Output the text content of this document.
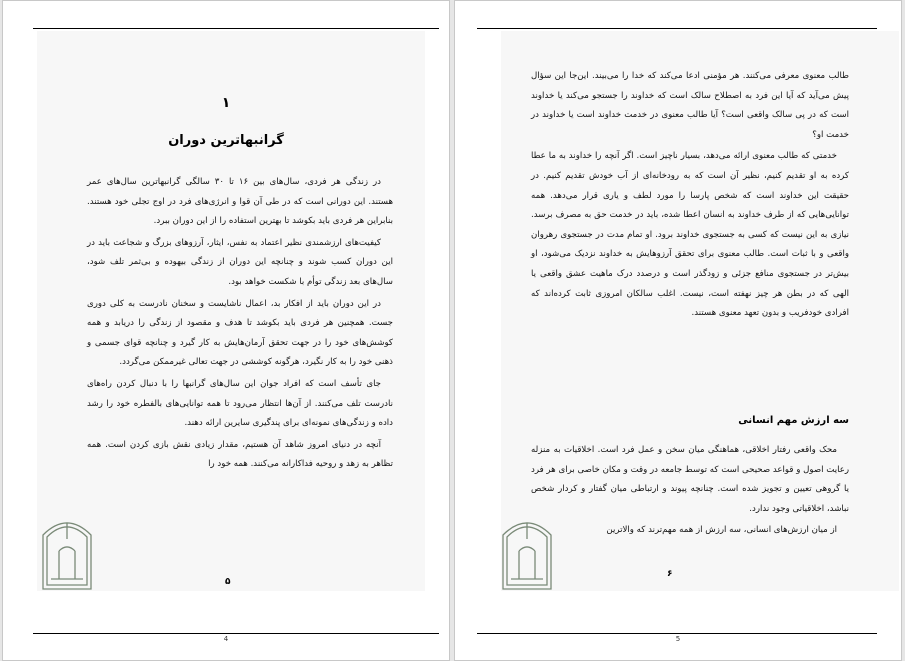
۱
گرانبهاترین دوران

در زندگی هر فردی، سال‌های بین ۱۶ تا ۳۰ سالگی گرانبهاترین سال‌های عمر هستند. این دورانی است که در طی آن قوا و انرژی‌های فرد در اوج تجلی خود هستند. بنابراین هر فردی باید بکوشد تا بهترین استفاده را از این دوران ببرد.

کیفیت‌های ارزشمندی نظیر اعتماد به نفس، ایثار، آرزوهای بزرگ و شجاعت باید در این دوران کسب شوند و چنانچه این دوران از زندگی بیهوده و بی‌ثمر تلف شود، سال‌های بعد زندگی توأم با شکست خواهد بود.

در این دوران باید از افکار بد، اعمال ناشایست و سخنان نادرست به کلی دوری جست. همچنین هر فردی باید بکوشد تا هدف و مقصود از زندگی را دریابد و همه کوشش‌های خود را در جهت تحقق آرمان‌هایش به کار گیرد و چنانچه قوای جسمی و ذهنی خود را به کار نگیرد، هرگونه کوششی در جهت تعالی غیرممکن می‌گردد.

جای تأسف است که افراد جوان این سال‌های گرانبها را با دنبال کردن راه‌های نادرست تلف می‌کنند. از آن‌ها انتظار می‌رود تا همه توانایی‌های بالفطره خود را رشد داده و زندگی‌های نمونه‌ای برای پندگیری سایرین ارائه دهند.

آنچه در دنیای امروز شاهد آن هستیم، مقدار زیادی نقش بازی کردن است. همه تظاهر به زهد و روحیه فداکارانه می‌کنند. همه خود را

۵
4

طالب معنوی معرفی می‌کنند. هر مؤمنی ادعا می‌کند که خدا را می‌بیند. این‌جا این سؤال پیش می‌آید که آیا این فرد به اصطلاح سالک است که خداوند را جستجو می‌کند یا خداوند است که در پی سالک واقعی است؟ آیا طالب معنوی در خدمت خداوند است یا خداوند در خدمت او؟

خدمتی که طالب معنوی ارائه می‌دهد، بسیار ناچیز است. اگر آنچه را خداوند به ما عطا کرده به او تقدیم کنیم، نظیر آن است که به رودخانه‌ای از آب خودش تقدیم کنیم. در حقیقت این خداوند است که شخص پارسا را مورد لطف و یاری قرار می‌دهد. همه توانایی‌هایی که از طرف خداوند به انسان اعطا شده، باید در خدمت حق به مصرف برسد. نیازی به این نیست که کسی به جستجوی خداوند برود. او تمام مدت در جستجوی رهروان واقعی و با ثبات است. طالب معنوی برای تحقق آرزوهایش به خداوند نزدیک می‌شود، او بیش‌تر در جستجوی منافع جزئی و زودگذر است و درصدد درک ماهیت عشق واقعی یا الهی که در بطن هر چیز نهفته است، نیست. اغلب سالکان امروزی ثابت کرده‌اند که افرادی خودفریب و بدون تعهد معنوی هستند.

سه ارزش مهم انسانی

محک واقعی رفتار اخلاقی، هماهنگی میان سخن و عمل فرد است. اخلاقیات به منزله رعایت اصول و قواعد صحیحی است که توسط جامعه در وقت و مکان خاصی برای هر فرد یا گروهی تعیین و تجویز شده است. چنانچه پیوند و ارتباطی میان گفتار و کردار شخص نباشد، اخلاقیاتی وجود ندارد.

از میان ارزش‌های انسانی، سه ارزش از همه مهم‌ترند که والاترین

۶
5
